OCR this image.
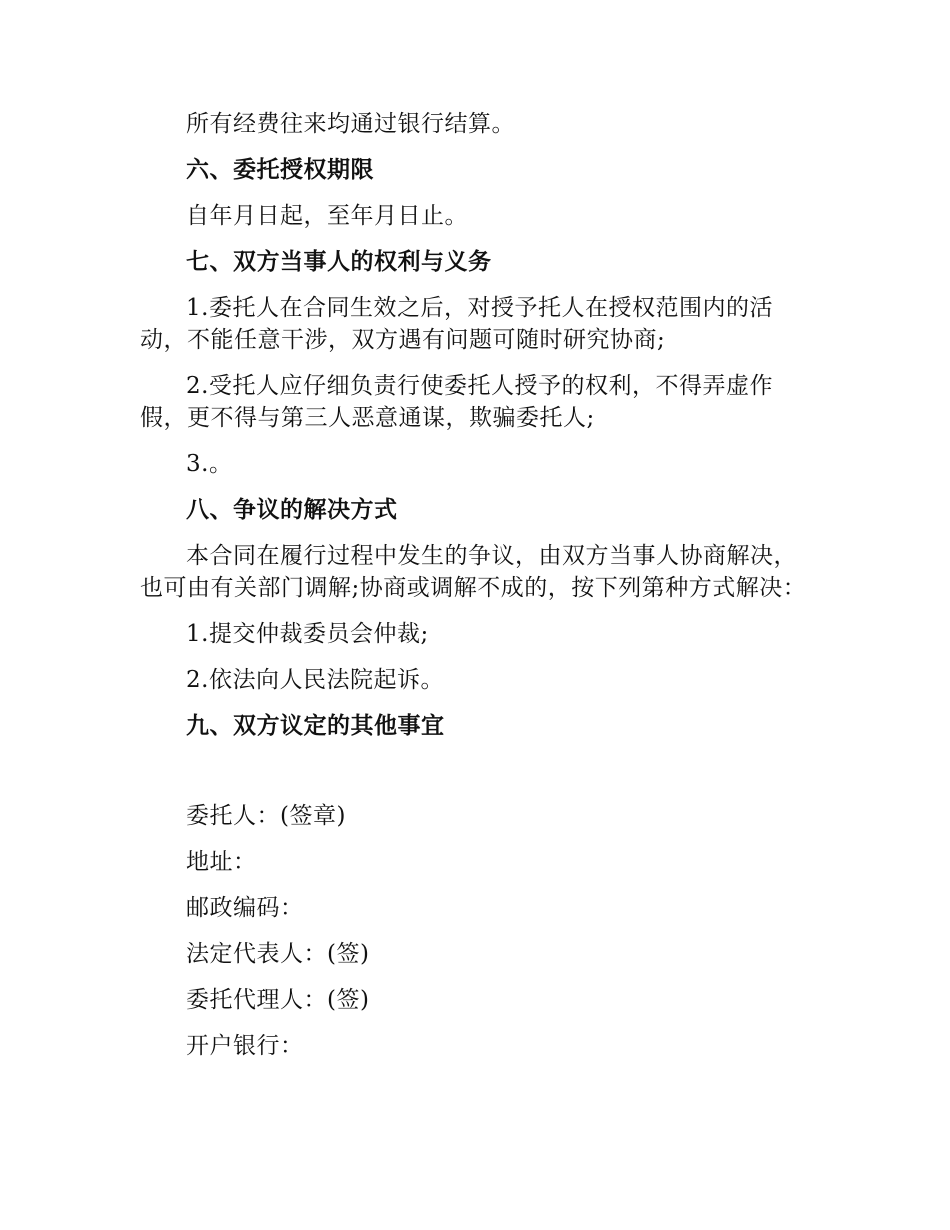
所有经费往来均通过银行结算。

六、委托授权期限

自年月日起，至年月日止。

七、双方当事人的权利与义务

1.委托人在合同生效之后，对授予托人在授权范围内的活动，不能任意干涉，双方遇有问题可随时研究协商;

2.受托人应仔细负责行使委托人授予的权利，不得弄虚作假，更不得与第三人恶意通谋，欺骗委托人;

3.。

八、争议的解决方式

本合同在履行过程中发生的争议，由双方当事人协商解决，也可由有关部门调解;协商或调解不成的，按下列第种方式解决：

1.提交仲裁委员会仲裁;

2.依法向人民法院起诉。

九、双方议定的其他事宜

委托人：(签章)

地址：

邮政编码：

法定代表人：(签)

委托代理人：(签)

开户银行：
